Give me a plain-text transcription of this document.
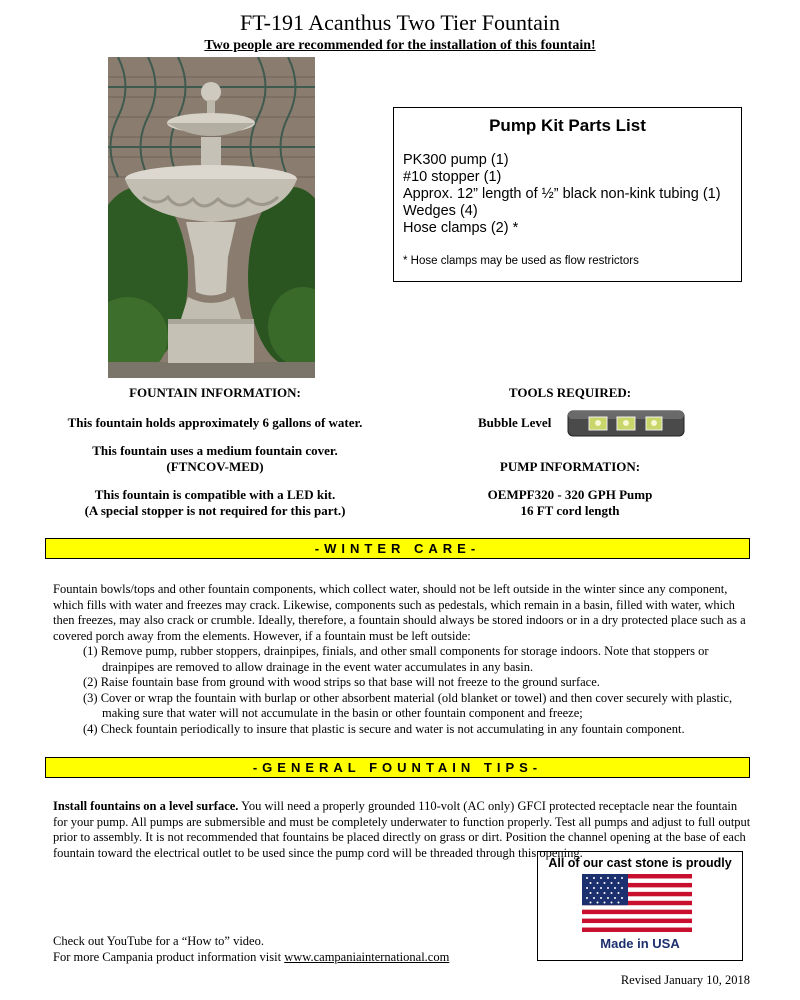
FT-191 Acanthus Two Tier Fountain
Two people are recommended for the installation of this fountain!
Pump Kit Parts List
PK300 pump (1)
#10 stopper (1)
Approx. 12” length of ½” black non-kink tubing (1)
Wedges (4)
Hose clamps (2) *
* Hose clamps may be used as flow restrictors
FOUNTAIN INFORMATION:
This fountain holds approximately 6 gallons of water.
This fountain uses a medium fountain cover.
(FTNCOV-MED)
This fountain is compatible with a LED kit.
(A special stopper is not required for this part.)
TOOLS REQUIRED:
Bubble Level
PUMP INFORMATION:
OEMPF320 - 320 GPH Pump
16 FT cord length
-WINTER CARE-
Fountain bowls/tops and other fountain components, which collect water, should not be left outside in the winter since any component, which fills with water and freezes may crack. Likewise, components such as pedestals, which remain in a basin, filled with water, which then freezes, may also crack or crumble. Ideally, therefore, a fountain should always be stored indoors or in a dry protected place such as a covered porch away from the elements. However, if a fountain must be left outside:
(1) Remove pump, rubber stoppers, drainpipes, finials, and other small components for storage indoors. Note that stoppers or drainpipes are removed to allow drainage in the event water accumulates in any basin.
(2) Raise fountain base from ground with wood strips so that base will not freeze to the ground surface.
(3) Cover or wrap the fountain with burlap or other absorbent material (old blanket or towel) and then cover securely with plastic, making sure that water will not accumulate in the basin or other fountain component and freeze;
(4) Check fountain periodically to insure that plastic is secure and water is not accumulating in any fountain component.
-GENERAL FOUNTAIN TIPS-
Install fountains on a level surface. You will need a properly grounded 110-volt (AC only) GFCI protected receptacle near the fountain for your pump. All pumps are submersible and must be completely underwater to function properly. Test all pumps and adjust to full output prior to assembly. It is not recommended that fountains be placed directly on grass or dirt. Position the channel opening at the base of each fountain toward the electrical outlet to be used since the pump cord will be threaded through this opening.
Check out YouTube for a “How to” video.
For more Campania product information visit www.campaniainternational.com
All of our cast stone is proudly
Made in USA
Revised January 10, 2018
